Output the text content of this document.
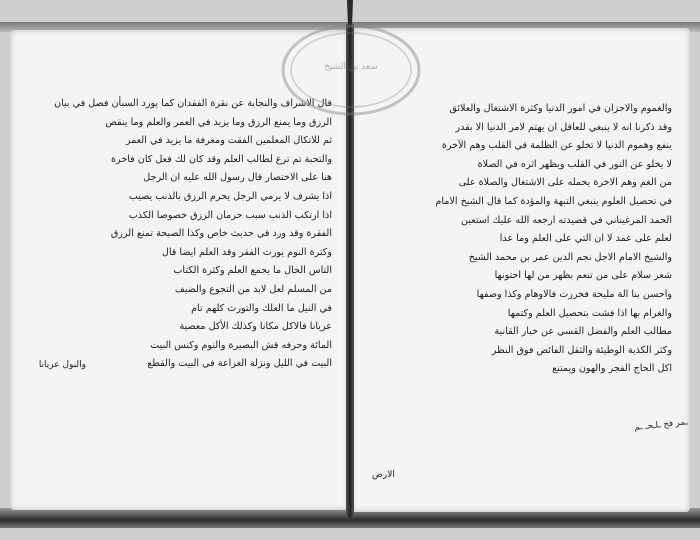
قال الاشراف والنجابة عن نقرة الفقدان كما يورد السبأن فصل في بيان
الرزق وما يمنع الرزق وما يزيد في العمر والعلم وما ينقص
ثم للاتكال المعلمين الفقت ومعرفة ما يزيد في العمر
والتحبة تم ترغ لطالب العلم وقد كان لك فعل كان فاخرة
هنا على الاختصار قال رسول الله عليه ان الرجل
اذا يشرف لا يرمي الرجل يحرم الرزق بالذنب يصيب
اذا ارتكب الذنب سبب حرمان الرزق خصوصا الكذب
الفقرة وقد ورد في حديث خاص وكذا الصبحة تمنع الرزق
وكثرة النوم يورث الفقر وقد العلم ايضا قال
التاس الحال ما يجمع العلم وكثرة الكتاب
من المسلم لعل لابد من التجوع والضيف
في النيل ما العلك والتورث كلهم تام
عريانا فالاكل مكانا وكذلك الأكل معصية
المائة وحرفه قش البصيرة والنوم وكنس البيت
البيت في الليل ونزلة الغزاعة في البيت والقطع
والبول عريانا
والغموم والاحزان في امور الدنيا وكثرة الاشتغال والعلائق
وقد ذكرنا انه لا ينبغي للعاقل ان يهتم لامر الدنيا الا بقدر
ينفع وهموم الدنيا لا تخلو عن الظلمة في القلب وهم الآخرة
لا يخلو عن النور في القلب ويظهر اثره في الصلاة
من الغم وهم الاخرة يحمله على الاشتغال والصلاة على
في تحصيل العلوم ينبغي التبهة والمؤدة كما قال الشيخ الامام
الحمد المرغيناني في قصيدته ارجعه الله عليك استعين
لعلم على عمد لا ان التي على العلم وما عدا
والشيخ الامام الاجل نجم الدين عمر بن محمد الشيخ
شعر سلام على من تنعم بظهر من لها احتونها
واحسن بنا الة مليحة فخررت فالاوهام وكذا وصفها
والغرام بها اذا فشت بتحصيل العلم وكتمها
مطالب العلم والفضل القسي عن خبار القانية
وكثر الكذبة الوطيئة والثقل الفائض فوق النظر
اكل الحاج الفجر والهون ويمتنع
ـمر فخ ـلـحـ ـم
الارض
سعد بن الشيخ
